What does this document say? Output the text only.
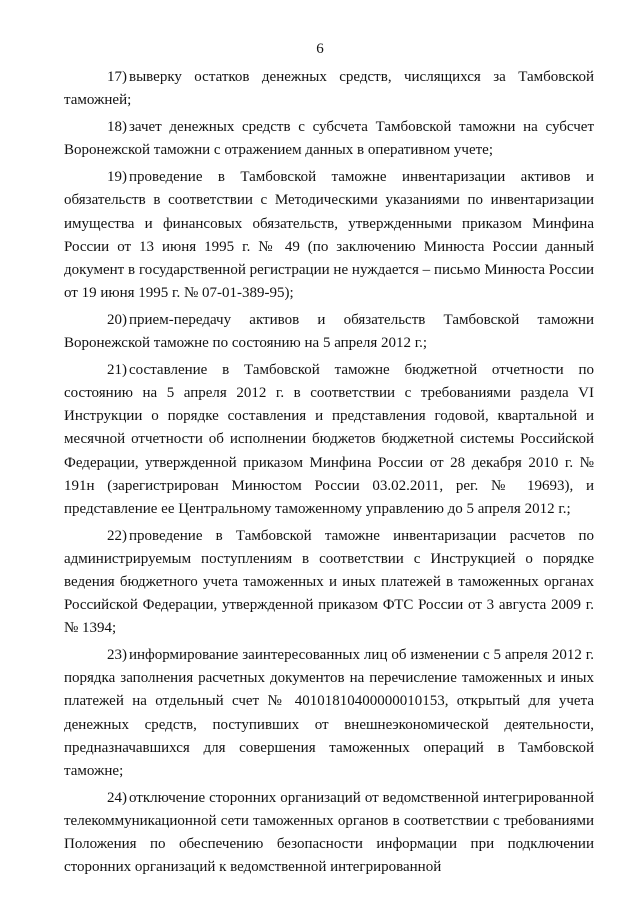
6

17) выверку остатков денежных средств, числящихся за Тамбовской таможней;

18) зачет денежных средств с субсчета Тамбовской таможни на субсчет Воронежской таможни с отражением данных в оперативном учете;

19) проведение в Тамбовской таможне инвентаризации активов и обязательств в соответствии с Методическими указаниями по инвентаризации имущества и финансовых обязательств, утвержденными приказом Минфина России от 13 июня 1995 г. № 49 (по заключению Минюста России данный документ в государственной регистрации не нуждается – письмо Минюста России от 19 июня 1995 г. № 07-01-389-95);

20) прием-передачу активов и обязательств Тамбовской таможни Воронежской таможне по состоянию на 5 апреля 2012 г.;

21) составление в Тамбовской таможне бюджетной отчетности по состоянию на 5 апреля 2012 г. в соответствии с требованиями раздела VI Инструкции о порядке составления и представления годовой, квартальной и месячной отчетности об исполнении бюджетов бюджетной системы Российской Федерации, утвержденной приказом Минфина России от 28 декабря 2010 г. № 191н (зарегистрирован Минюстом России 03.02.2011, рег. № 19693), и представление ее Центральному таможенному управлению до 5 апреля 2012 г.;

22) проведение в Тамбовской таможне инвентаризации расчетов по администрируемым поступлениям в соответствии с Инструкцией о порядке ведения бюджетного учета таможенных и иных платежей в таможенных органах Российской Федерации, утвержденной приказом ФТС России от 3 августа 2009 г. № 1394;

23) информирование заинтересованных лиц об изменении с 5 апреля 2012 г. порядка заполнения расчетных документов на перечисление таможенных и иных платежей на отдельный счет № 40101810400000010153, открытый для учета денежных средств, поступивших от внешнеэкономической деятельности, предназначавшихся для совершения таможенных операций в Тамбовской таможне;

24) отключение сторонних организаций от ведомственной интегрированной телекоммуникационной сети таможенных органов в соответствии с требованиями Положения по обеспечению безопасности информации при подключении сторонних организаций к ведомственной интегрированной
